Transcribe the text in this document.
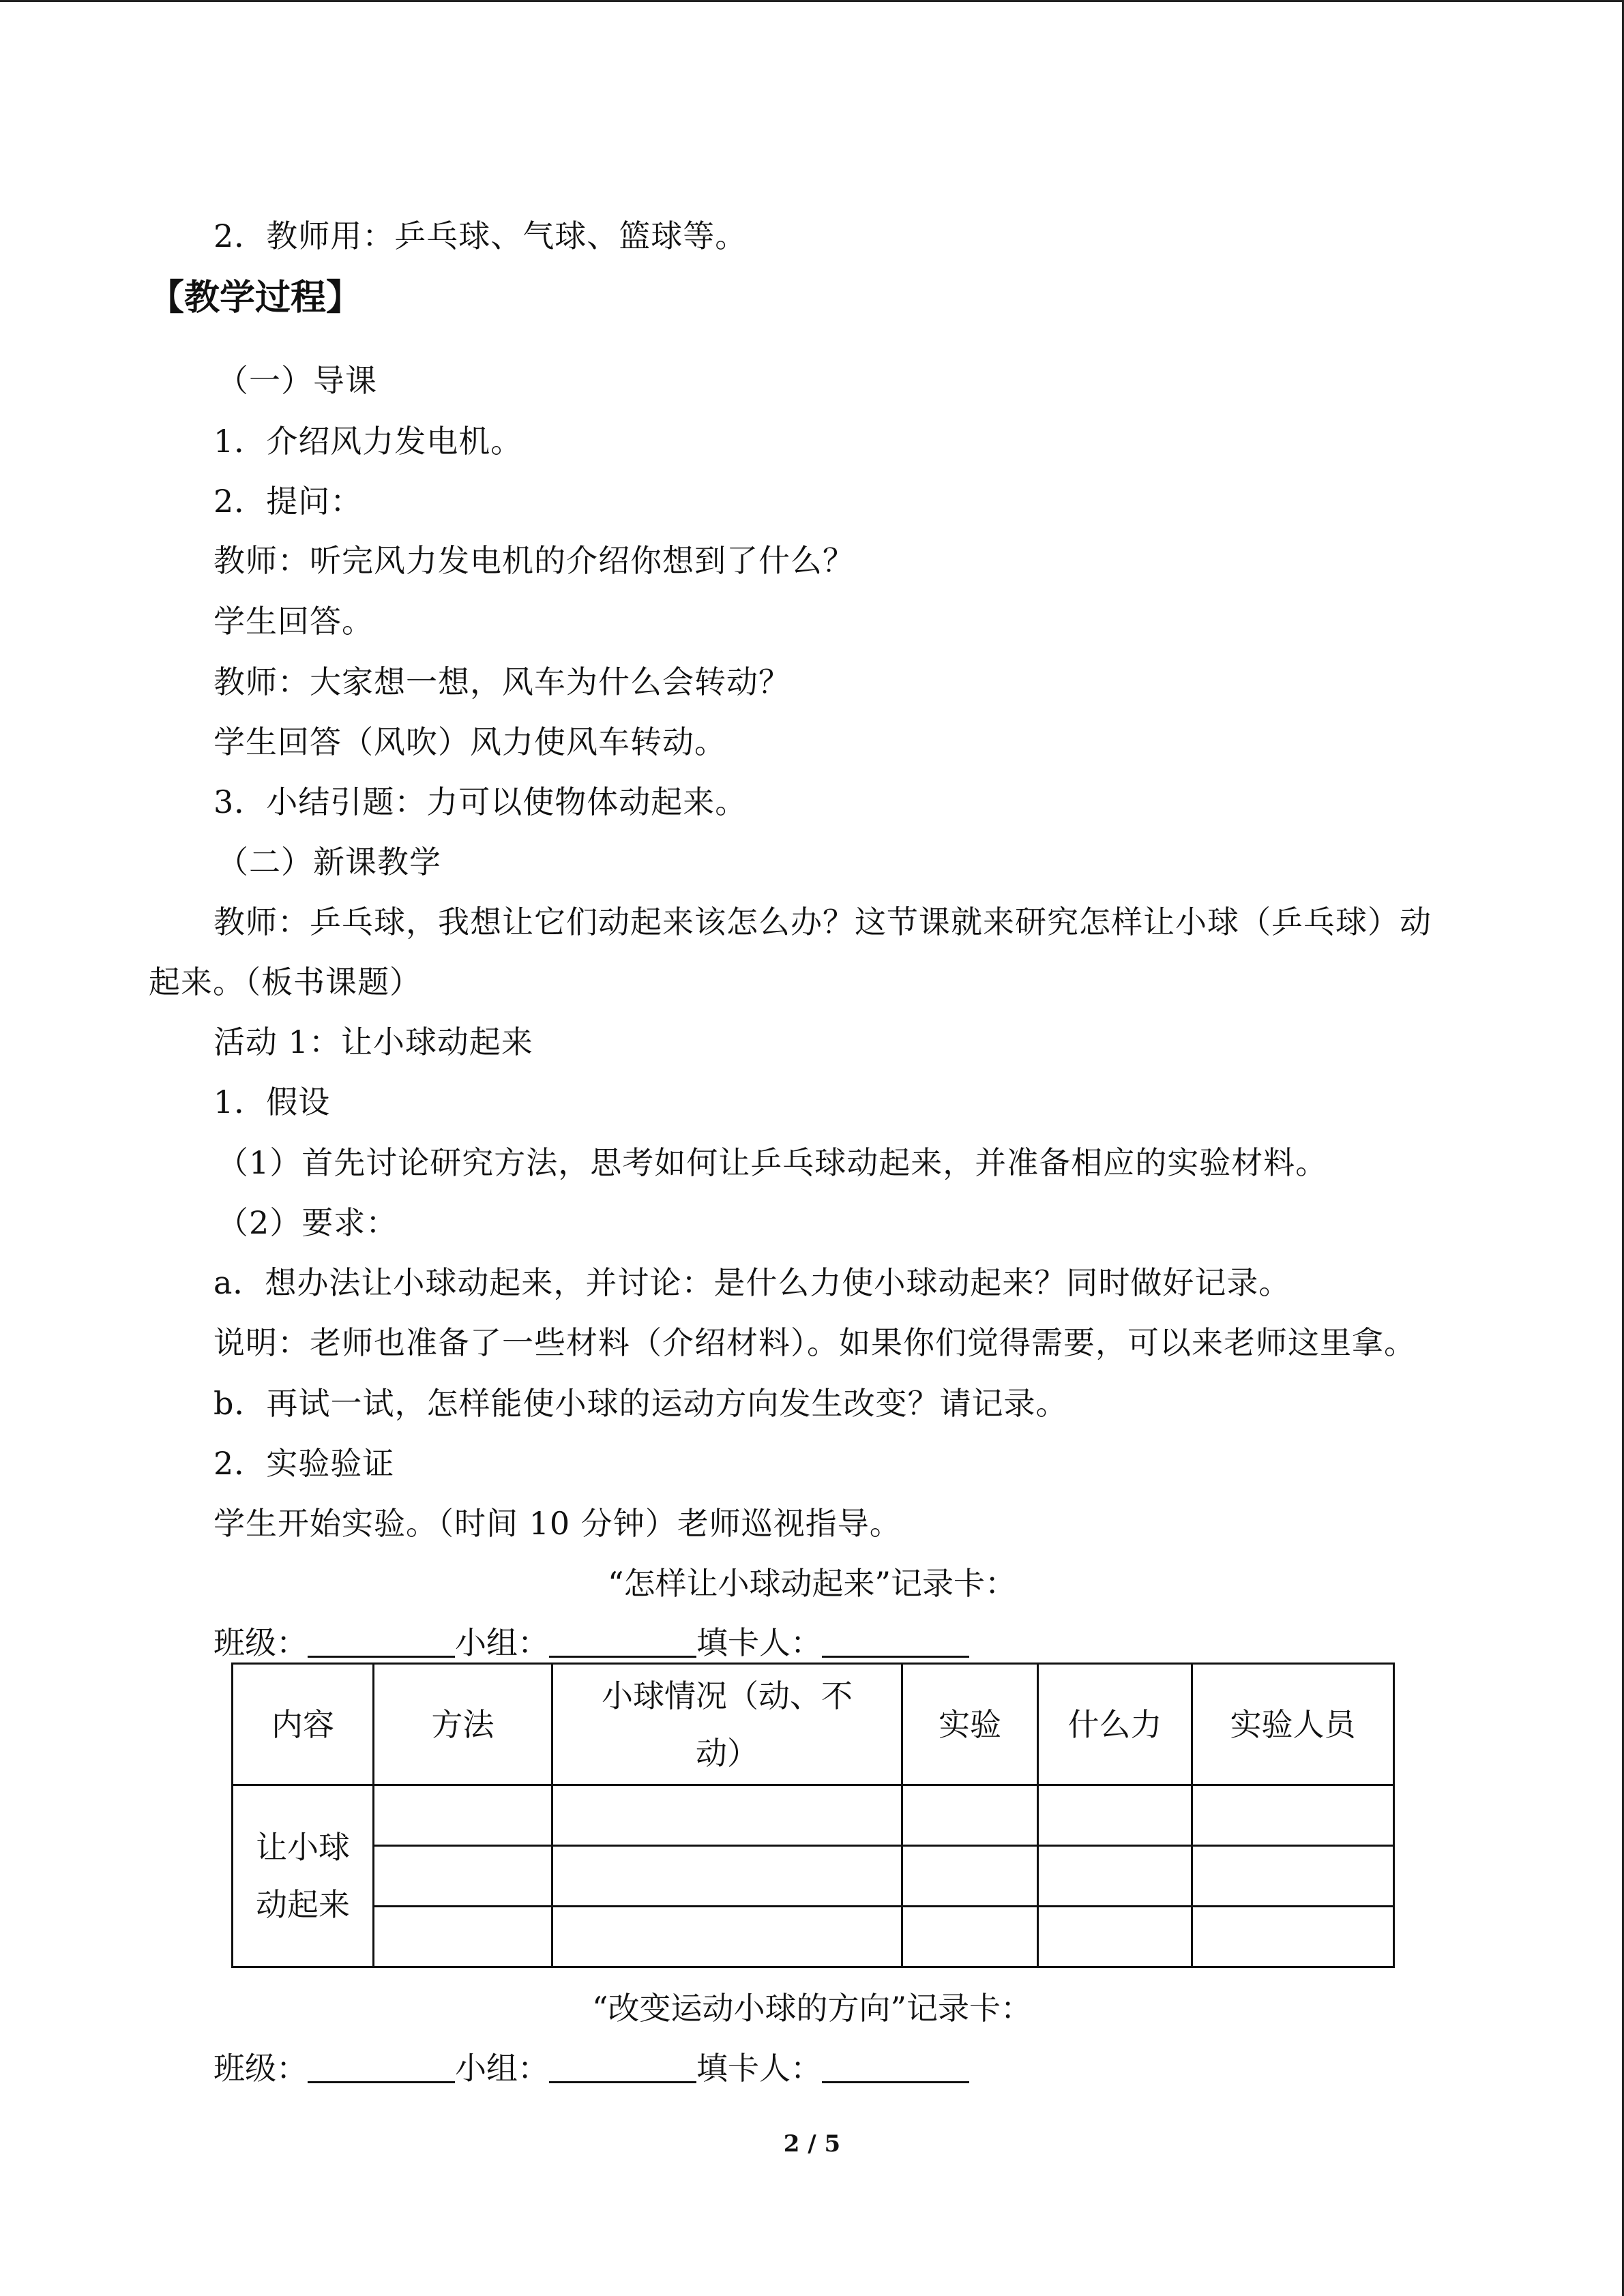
2．教师用：乒乓球、气球、篮球等。
【教学过程】
（一）导课
1．介绍风力发电机。
2．提问：
教师：听完风力发电机的介绍你想到了什么？
学生回答。
教师：大家想一想，风车为什么会转动？
学生回答（风吹）风力使风车转动。
3．小结引题：力可以使物体动起来。
（二）新课教学
教师：乒乓球，我想让它们动起来该怎么办？这节课就来研究怎样让小球（乒乓球）动
起来。（板书课题）
活动 1：让小球动起来
1．假设
（1）首先讨论研究方法，思考如何让乒乓球动起来，并准备相应的实验材料。
（2）要求：
a．想办法让小球动起来，并讨论：是什么力使小球动起来？同时做好记录。
说明：老师也准备了一些材料（介绍材料）。如果你们觉得需要，可以来老师这里拿。
b．再试一试，怎样能使小球的运动方向发生改变？请记录。
2．实验验证
学生开始实验。（时间 10 分钟）老师巡视指导。
“怎样让小球动起来”记录卡：
班级：	小组：	填卡人：
内容	方法	小球情况（动、不
动）	实验	什么力	实验人员
让小球
动起来					

“改变运动小球的方向”记录卡：
班级：	小组：	填卡人：
2 / 5
